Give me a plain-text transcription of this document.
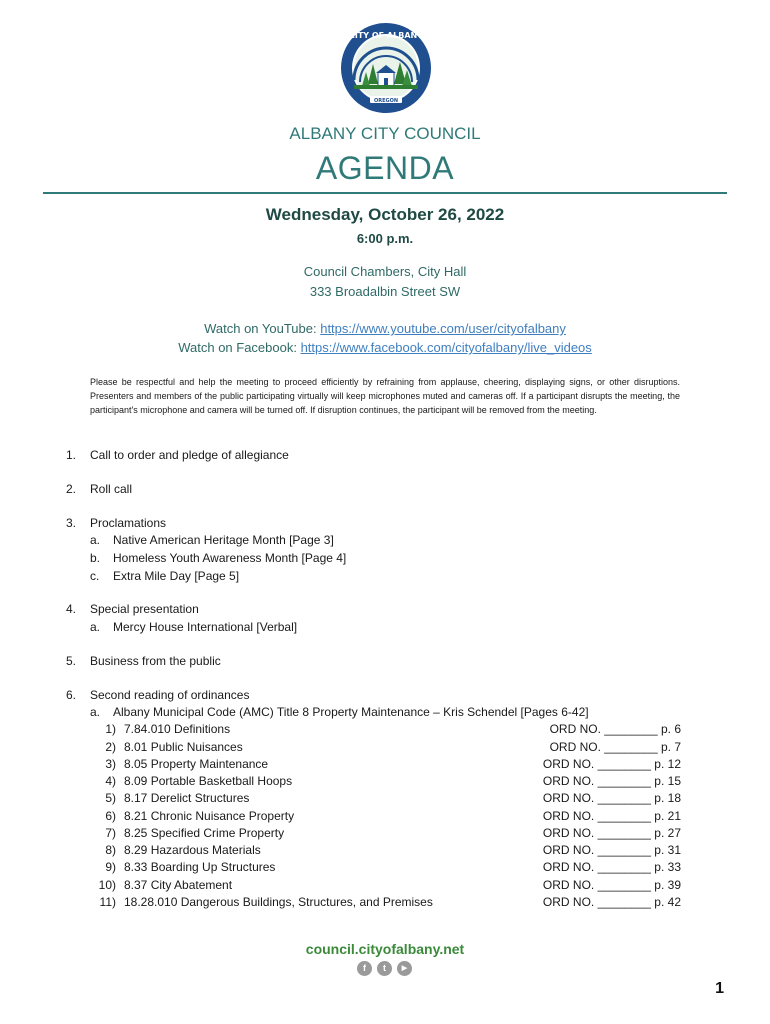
OREGON
CITY OF ALBANY
ALBANY CITY COUNCIL
AGENDA
Wednesday, October 26, 2022
6:00 p.m.
Council Chambers, City Hall
333 Broadalbin Street SW
Watch on YouTube: https://www.youtube.com/user/cityofalbany
Watch on Facebook: https://www.facebook.com/cityofalbany/live_videos

Please be respectful and help the meeting to proceed efficiently by refraining from applause, cheering, displaying signs, or other disruptions. Presenters and members of the public participating virtually will keep microphones muted and cameras off. If a participant disrupts the meeting, the participant's microphone and camera will be turned off. If disruption continues, the participant will be removed from the meeting.

1. Call to order and pledge of allegiance
2. Roll call
3. Proclamations
a. Native American Heritage Month [Page 3]
b. Homeless Youth Awareness Month [Page 4]
c. Extra Mile Day [Page 5]
4. Special presentation
a. Mercy House International [Verbal]
5. Business from the public
6. Second reading of ordinances
a. Albany Municipal Code (AMC) Title 8 Property Maintenance – Kris Schendel [Pages 6-42]
1) 7.84.010 Definitions	ORD NO. ________ p. 6
2) 8.01 Public Nuisances	ORD NO. ________ p. 7
3) 8.05 Property Maintenance	ORD NO. ________ p. 12
4) 8.09 Portable Basketball Hoops	ORD NO. ________ p. 15
5) 8.17 Derelict Structures	ORD NO. ________ p. 18
6) 8.21 Chronic Nuisance Property	ORD NO. ________ p. 21
7) 8.25 Specified Crime Property	ORD NO. ________ p. 27
8) 8.29 Hazardous Materials	ORD NO. ________ p. 31
9) 8.33 Boarding Up Structures	ORD NO. ________ p. 33
10) 8.37 City Abatement	ORD NO. ________ p. 39
11) 18.28.010 Dangerous Buildings, Structures, and Premises	ORD NO. ________ p. 42
council.cityofalbany.net
f	t	▶
1
